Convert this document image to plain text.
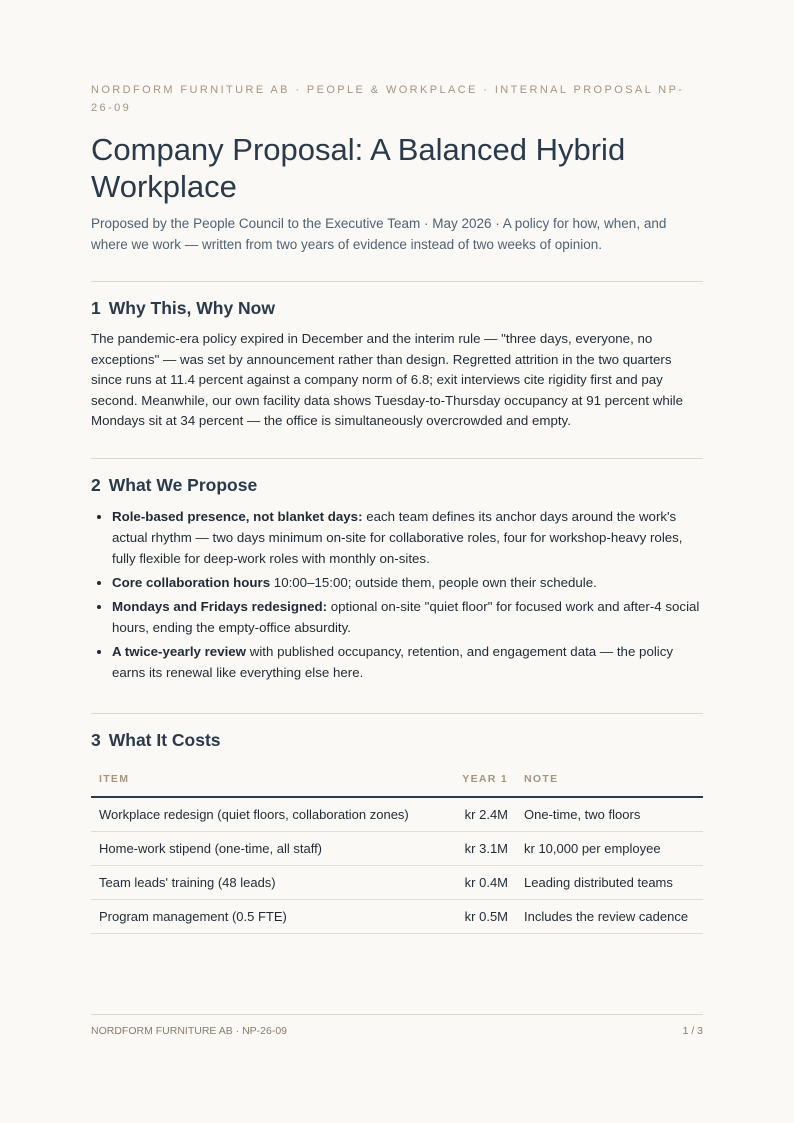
NORDFORM FURNITURE AB · PEOPLE & WORKPLACE · INTERNAL PROPOSAL NP-26-09

Company Proposal: A Balanced Hybrid Workplace

Proposed by the People Council to the Executive Team · May 2026 · A policy for how, when, and where we work — written from two years of evidence instead of two weeks of opinion.

1 Why This, Why Now

The pandemic-era policy expired in December and the interim rule — "three days, everyone, no exceptions" — was set by announcement rather than design. Regretted attrition in the two quarters since runs at 11.4 percent against a company norm of 6.8; exit interviews cite rigidity first and pay second. Meanwhile, our own facility data shows Tuesday-to-Thursday occupancy at 91 percent while Mondays sit at 34 percent — the office is simultaneously overcrowded and empty.

2 What We Propose
• Role-based presence, not blanket days: each team defines its anchor days around the work's actual rhythm — two days minimum on-site for collaborative roles, four for workshop-heavy roles, fully flexible for deep-work roles with monthly on-sites.
• Core collaboration hours 10:00–15:00; outside them, people own their schedule.
• Mondays and Fridays redesigned: optional on-site "quiet floor" for focused work and after-4 social hours, ending the empty-office absurdity.
• A twice-yearly review with published occupancy, retention, and engagement data — the policy earns its renewal like everything else here.
3 What It Costs
ITEM	YEAR 1	NOTE
Workplace redesign (quiet floors, collaboration zones)	kr 2.4M	One-time, two floors
Home-work stipend (one-time, all staff)	kr 3.1M	kr 10,000 per employee
Team leads' training (48 leads)	kr 0.4M	Leading distributed teams
Program management (0.5 FTE)	kr 0.5M	Includes the review cadence
NORDFORM FURNITURE AB · NP-26-09	1 / 3
